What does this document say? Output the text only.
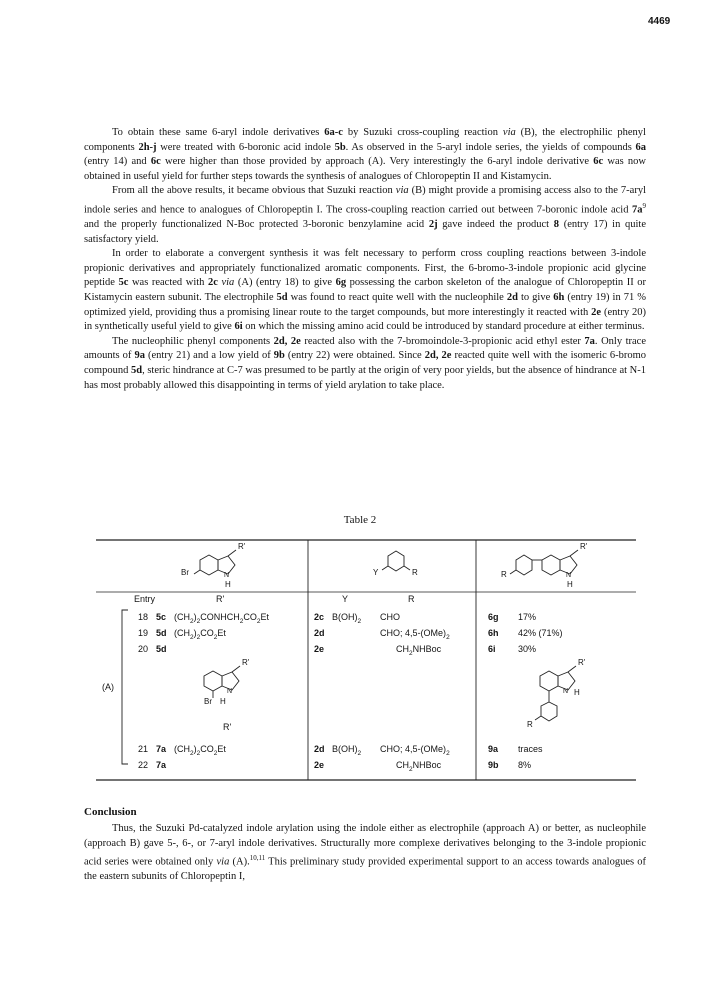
4469

To obtain these same 6-aryl indole derivatives 6a-c by Suzuki cross-coupling reaction via (B), the electrophilic phenyl components 2h-j were treated with 6-boronic acid indole 5b. As observed in the 5-aryl indole series, the yields of compounds 6a (entry 14) and 6c were higher than those provided by approach (A). Very interestingly the 6-aryl indole derivative 6c was now obtained in useful yield for further steps towards the synthesis of analogues of Chloropeptin II and Kistamycin.

From all the above results, it became obvious that Suzuki reaction via (B) might provide a promising access also to the 7-aryl indole series and hence to analogues of Chloropeptin I. The cross-coupling reaction carried out between 7-boronic indole acid $7a^9$ and the properly functionalized N-Boc protected 3-boronic benzylamine acid 2j gave indeed the product 8 (entry 17) in quite satisfactory yield.

In order to elaborate a convergent synthesis it was felt necessary to perform cross coupling reactions between 3-indole propionic derivatives and appropriately functionalized aromatic components. First, the 6-bromo-3-indole propionic acid glycine peptide 5c was reacted with 2c via (A) (entry 18) to give 6g possessing the carbon skeleton of the analogue of Chloropeptin II or Kistamycin eastern subunit. The electrophile 5d was found to react quite well with the nucleophile 2d to give 6h (entry 19) in 71 % optimized yield, providing thus a promising linear route to the target compounds, but more interestingly it reacted with 2e (entry 20) in synthetically useful yield to give 6i on which the missing amino acid could be introduced by standard procedure at either terminus.

The nucleophilic phenyl components 2d, 2e reacted also with the 7-bromoindole-3-propionic acid ethyl ester 7a. Only trace amounts of 9a (entry 21) and a low yield of 9b (entry 22) were obtained. Since 2d, 2e reacted quite well with the isomeric 6-bromo compound 5d, steric hindrance at C-7 was presumed to be partly at the origin of very poor yields, but the absence of hindrance at N-1 has most probably allowed this disappointing in terms of yield arylation to take place.

Table 2
Br
R'
N
H
Y	R	R
R'
N
H
R'
N
Br H
R'
N H
R
Entry	R'	Y	R
(A)
R'
18 5c $(CH_2)_2CONHCH_2CO_2Et$	2c $B(OH)_2$ CHO	6g 17%
19 5d $(CH_2)_2CO_2Et$	2d	CHO; $4,5-(OMe)_2$	6h 42% (71%)
20 5d	2e	$CH_2NHBoc$	6i 30%
21 7a $(CH_2)_2CO_2Et$	2d $B(OH)_2$ CHO; $4,5-(OMe)_2$	9a traces
22 7a	2e	$CH_2NHBoc$	9b 8%
Conclusion

Thus, the Suzuki Pd-catalyzed indole arylation using the indole either as electrophile (approach A) or better, as nucleophile (approach B) gave 5-, 6-, or 7-aryl indole derivatives. Structurally more complexe derivatives belonging to the 3-indole propionic acid series were obtained only via (A).$^{10,11}$ This preliminary study provided experimental support to an access towards analogues of the eastern subunits of Chloropeptin I,
